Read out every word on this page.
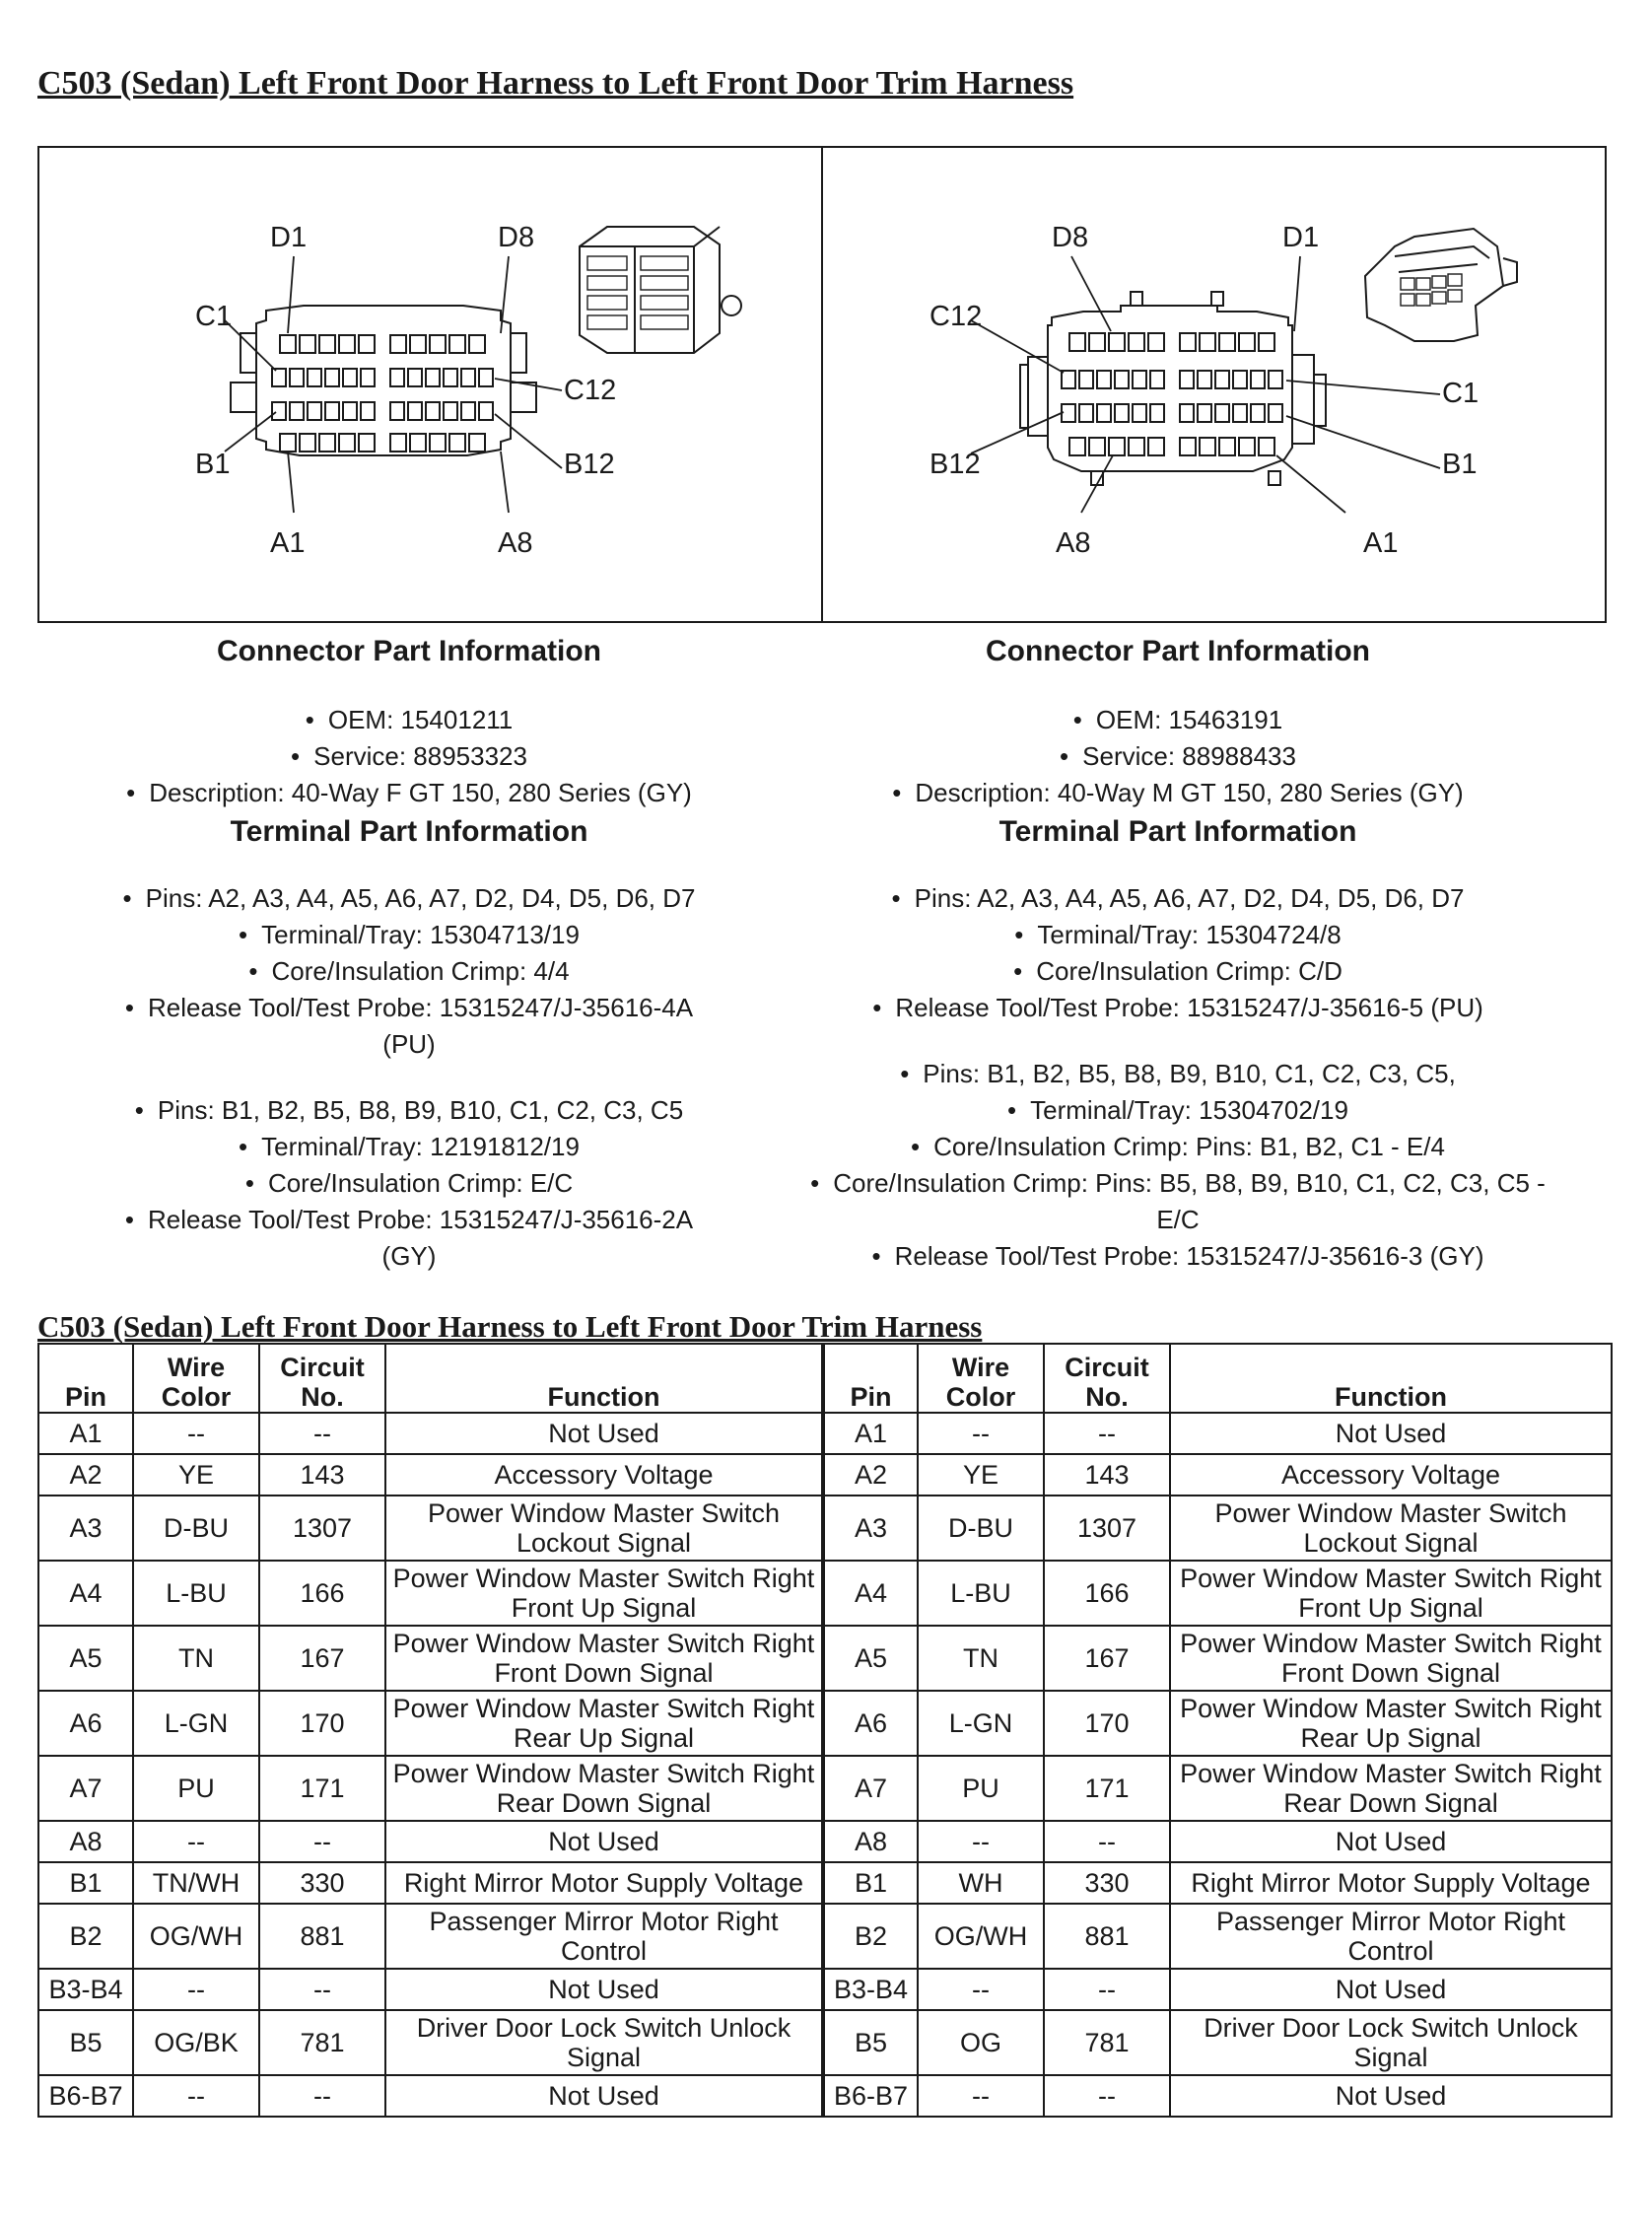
C503 (Sedan) Left Front Door Harness to Left Front Door Trim Harness
D1	D8
C1
C12
B1	B12
A1	A8
D8	D1
C12
C1
B12	B1
A8	A1

Connector Part Information

• OEM: 15401211
• Service: 88953323
• Description: 40-Way F GT 150, 280 Series (GY)

Terminal Part Information

• Pins: A2, A3, A4, A5, A6, A7, D2, D4, D5, D6, D7
• Terminal/Tray: 15304713/19
• Core/Insulation Crimp: 4/4
• Release Tool/Test Probe: 15315247/J-35616-4A (PU)
• Pins: B1, B2, B5, B8, B9, B10, C1, C2, C3, C5
• Terminal/Tray: 12191812/19
• Core/Insulation Crimp: E/C
• Release Tool/Test Probe: 15315247/J-35616-2A (GY)

Connector Part Information

• OEM: 15463191
• Service: 88988433
• Description: 40-Way M GT 150, 280 Series (GY)

Terminal Part Information

• Pins: A2, A3, A4, A5, A6, A7, D2, D4, D5, D6, D7
• Terminal/Tray: 15304724/8
• Core/Insulation Crimp: C/D
• Release Tool/Test Probe: 15315247/J-35616-5 (PU)
• Pins: B1, B2, B5, B8, B9, B10, C1, C2, C3, C5,
• Terminal/Tray: 15304702/19
• Core/Insulation Crimp: Pins: B1, B2, C1 - E/4
• Core/Insulation Crimp: Pins: B5, B8, B9, B10, C1, C2, C3, C5 - E/C
• Release Tool/Test Probe: 15315247/J-35616-3 (GY)
C503 (Sedan) Left Front Door Harness to Left Front Door Trim Harness
Pin	Wire Color	Circuit No.	Function	Pin	Wire Color	Circuit No.	Function
A1	--	--	Not Used	A1	--	--	Not Used
A2	YE	143	Accessory Voltage	A2	YE	143	Accessory Voltage
A3	D-BU	1307	Power Window Master Switch Lockout Signal	A3	D-BU	1307	Power Window Master Switch Lockout Signal
A4	L-BU	166	Power Window Master Switch Right Front Up Signal	A4	L-BU	166	Power Window Master Switch Right Front Up Signal
A5	TN	167	Power Window Master Switch Right Front Down Signal	A5	TN	167	Power Window Master Switch Right Front Down Signal
A6	L-GN	170	Power Window Master Switch Right Rear Up Signal	A6	L-GN	170	Power Window Master Switch Right Rear Up Signal
A7	PU	171	Power Window Master Switch Right Rear Down Signal	A7	PU	171	Power Window Master Switch Right Rear Down Signal
A8	--	--	Not Used	A8	--	--	Not Used
B1	TN/WH	330	Right Mirror Motor Supply Voltage	B1	WH	330	Right Mirror Motor Supply Voltage
B2	OG/WH	881	Passenger Mirror Motor Right Control	B2	OG/WH	881	Passenger Mirror Motor Right Control
B3-B4	--	--	Not Used	B3-B4	--	--	Not Used
B5	OG/BK	781	Driver Door Lock Switch Unlock Signal	B5	OG	781	Driver Door Lock Switch Unlock Signal
B6-B7	--	--	Not Used	B6-B7	--	--	Not Used
